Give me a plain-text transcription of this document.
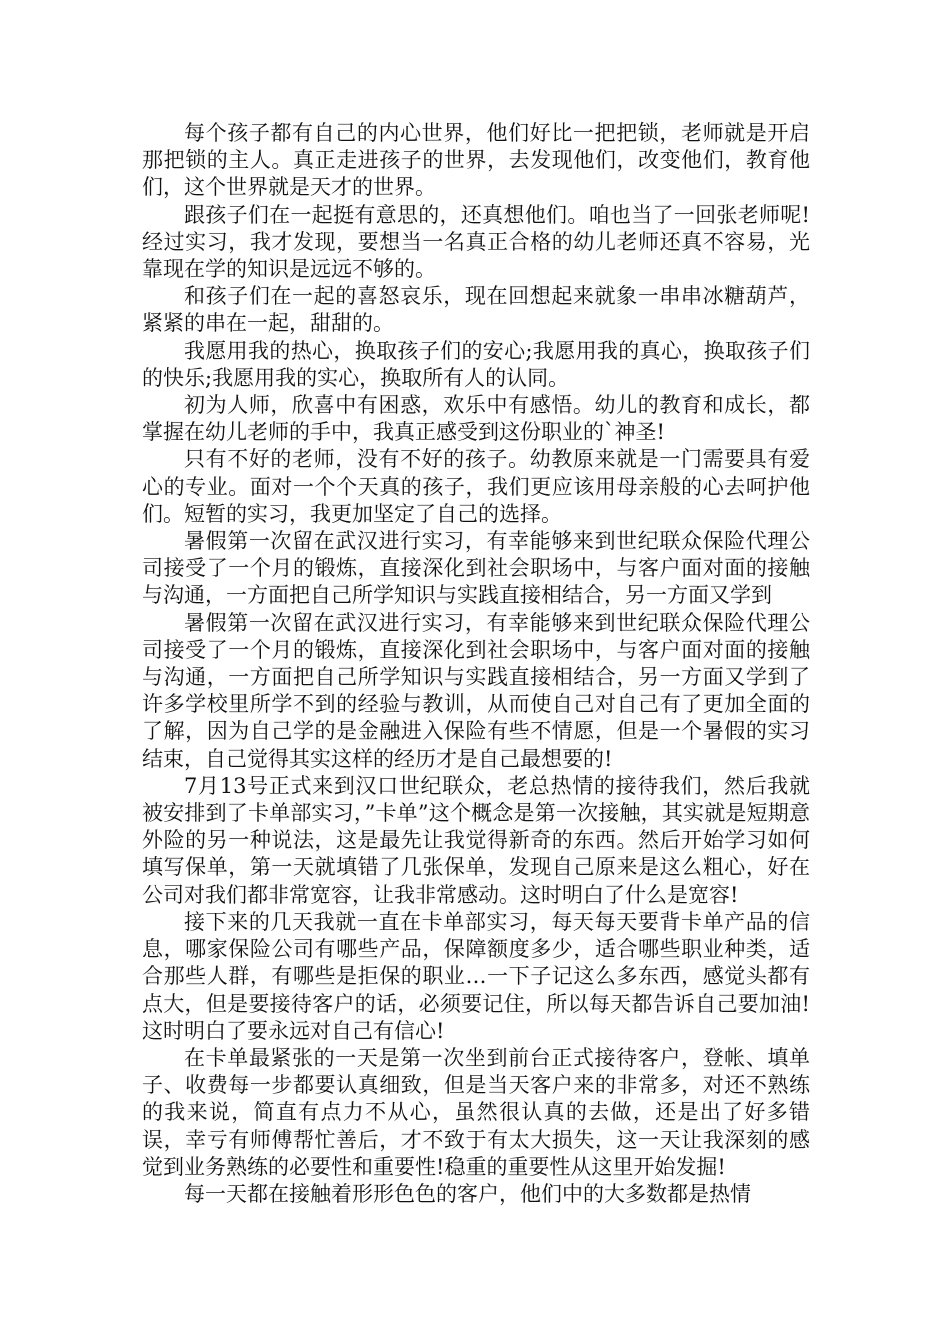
每个孩子都有自己的内心世界，他们好比一把把锁，老师就是开启那把锁的主人。真正走进孩子的世界，去发现他们，改变他们，教育他们，这个世界就是天才的世界。

跟孩子们在一起挺有意思的，还真想他们。咱也当了一回张老师呢!经过实习，我才发现，要想当一名真正合格的幼儿老师还真不容易，光靠现在学的知识是远远不够的。

和孩子们在一起的喜怒哀乐，现在回想起来就象一串串冰糖葫芦，紧紧的串在一起，甜甜的。

我愿用我的热心，换取孩子们的安心;我愿用我的真心，换取孩子们的快乐;我愿用我的实心，换取所有人的认同。

初为人师，欣喜中有困惑，欢乐中有感悟。幼儿的教育和成长，都掌握在幼儿老师的手中，我真正感受到这份职业的`神圣!

只有不好的老师，没有不好的孩子。幼教原来就是一门需要具有爱心的专业。面对一个个天真的孩子，我们更应该用母亲般的心去呵护他们。短暂的实习，我更加坚定了自己的选择。

暑假第一次留在武汉进行实习，有幸能够来到世纪联众保险代理公司接受了一个月的锻炼，直接深化到社会职场中，与客户面对面的接触与沟通，一方面把自己所学知识与实践直接相结合，另一方面又学到

暑假第一次留在武汉进行实习，有幸能够来到世纪联众保险代理公司接受了一个月的锻炼，直接深化到社会职场中，与客户面对面的接触与沟通，一方面把自己所学知识与实践直接相结合，另一方面又学到了许多学校里所学不到的经验与教训，从而使自己对自己有了更加全面的了解，因为自己学的是金融进入保险有些不情愿，但是一个暑假的实习结束，自己觉得其实这样的经历才是自己最想要的!

7月13号正式来到汉口世纪联众，老总热情的接待我们，然后我就被安排到了卡单部实习，”卡单”这个概念是第一次接触，其实就是短期意外险的另一种说法，这是最先让我觉得新奇的东西。然后开始学习如何填写保单，第一天就填错了几张保单，发现自己原来是这么粗心，好在公司对我们都非常宽容，让我非常感动。这时明白了什么是宽容!

接下来的几天我就一直在卡单部实习，每天每天要背卡单产品的信息，哪家保险公司有哪些产品，保障额度多少，适合哪些职业种类，适合那些人群，有哪些是拒保的职业…一下子记这么多东西，感觉头都有点大，但是要接待客户的话，必须要记住，所以每天都告诉自己要加油!这时明白了要永远对自己有信心!

在卡单最紧张的一天是第一次坐到前台正式接待客户，登帐、填单子、收费每一步都要认真细致，但是当天客户来的非常多，对还不熟练的我来说，简直有点力不从心，虽然很认真的去做，还是出了好多错误，幸亏有师傅帮忙善后，才不致于有太大损失，这一天让我深刻的感觉到业务熟练的必要性和重要性!稳重的重要性从这里开始发掘!

每一天都在接触着形形色色的客户，他们中的大多数都是热情
